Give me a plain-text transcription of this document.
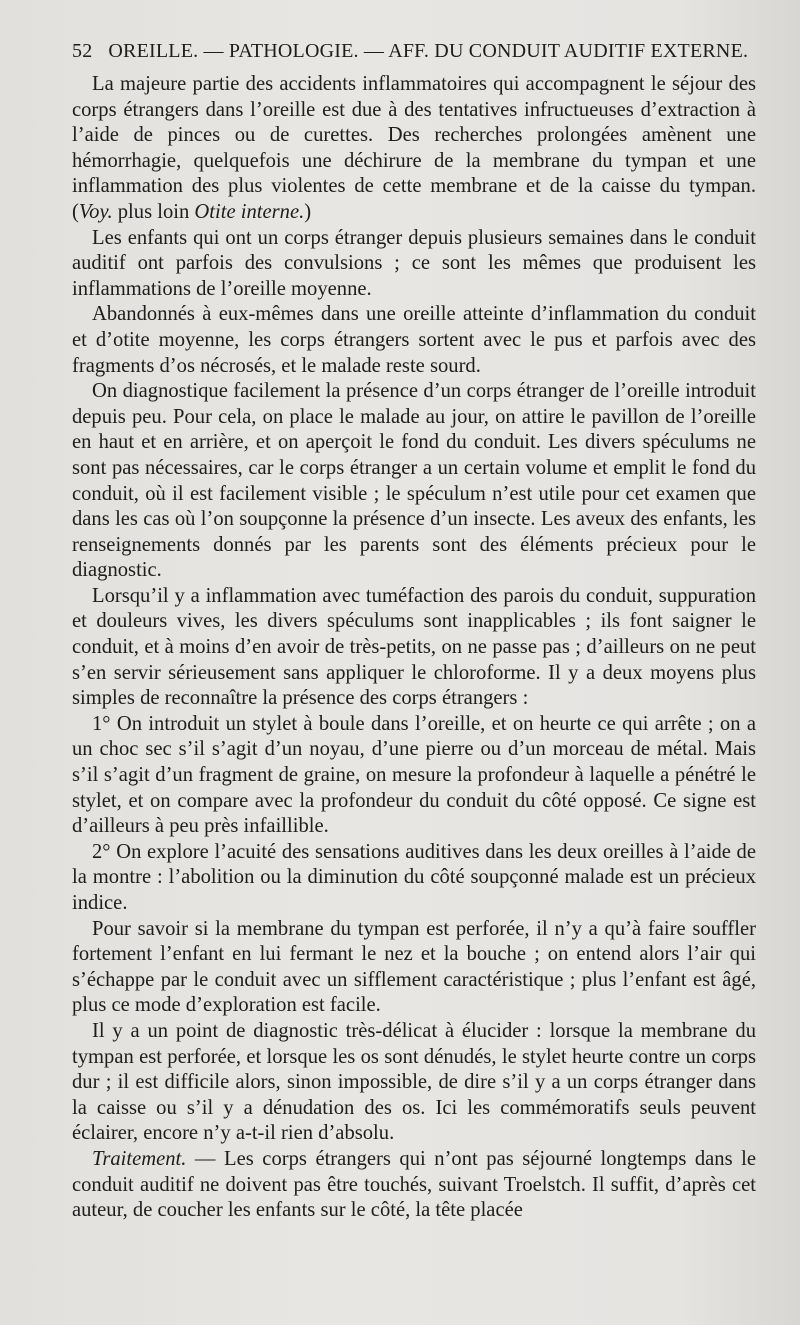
52 OREILLE. — PATHOLOGIE. — AFF. DU CONDUIT AUDITIF EXTERNE.

La majeure partie des accidents inflammatoires qui accompagnent le séjour des corps étrangers dans l’oreille est due à des tentatives infructueuses d’extraction à l’aide de pinces ou de curettes. Des recherches prolongées amènent une hémorrhagie, quelquefois une déchirure de la membrane du tympan et une inflammation des plus violentes de cette membrane et de la caisse du tympan. (Voy. plus loin Otite interne.)

Les enfants qui ont un corps étranger depuis plusieurs semaines dans le conduit auditif ont parfois des convulsions ; ce sont les mêmes que produisent les inflammations de l’oreille moyenne.

Abandonnés à eux-mêmes dans une oreille atteinte d’inflammation du conduit et d’otite moyenne, les corps étrangers sortent avec le pus et parfois avec des fragments d’os nécrosés, et le malade reste sourd.

On diagnostique facilement la présence d’un corps étranger de l’oreille introduit depuis peu. Pour cela, on place le malade au jour, on attire le pavillon de l’oreille en haut et en arrière, et on aperçoit le fond du conduit. Les divers spéculums ne sont pas nécessaires, car le corps étranger a un certain volume et emplit le fond du conduit, où il est facilement visible ; le spéculum n’est utile pour cet examen que dans les cas où l’on soupçonne la présence d’un insecte. Les aveux des enfants, les renseignements donnés par les parents sont des éléments précieux pour le diagnostic.

Lorsqu’il y a inflammation avec tuméfaction des parois du conduit, suppuration et douleurs vives, les divers spéculums sont inapplicables ; ils font saigner le conduit, et à moins d’en avoir de très-petits, on ne passe pas ; d’ailleurs on ne peut s’en servir sérieusement sans appliquer le chloroforme. Il y a deux moyens plus simples de reconnaître la présence des corps étrangers :

1° On introduit un stylet à boule dans l’oreille, et on heurte ce qui arrête ; on a un choc sec s’il s’agit d’un noyau, d’une pierre ou d’un morceau de métal. Mais s’il s’agit d’un fragment de graine, on mesure la profondeur à laquelle a pénétré le stylet, et on compare avec la profondeur du conduit du côté opposé. Ce signe est d’ailleurs à peu près infaillible.

2° On explore l’acuité des sensations auditives dans les deux oreilles à l’aide de la montre : l’abolition ou la diminution du côté soupçonné malade est un précieux indice.

Pour savoir si la membrane du tympan est perforée, il n’y a qu’à faire souffler fortement l’enfant en lui fermant le nez et la bouche ; on entend alors l’air qui s’échappe par le conduit avec un sifflement caractéristique ; plus l’enfant est âgé, plus ce mode d’exploration est facile.

Il y a un point de diagnostic très-délicat à élucider : lorsque la membrane du tympan est perforée, et lorsque les os sont dénudés, le stylet heurte contre un corps dur ; il est difficile alors, sinon impossible, de dire s’il y a un corps étranger dans la caisse ou s’il y a dénudation des os. Ici les commémoratifs seuls peuvent éclairer, encore n’y a-t-il rien d’absolu.

Traitement. — Les corps étrangers qui n’ont pas séjourné longtemps dans le conduit auditif ne doivent pas être touchés, suivant Troelstch. Il suffit, d’après cet auteur, de coucher les enfants sur le côté, la tête placée
